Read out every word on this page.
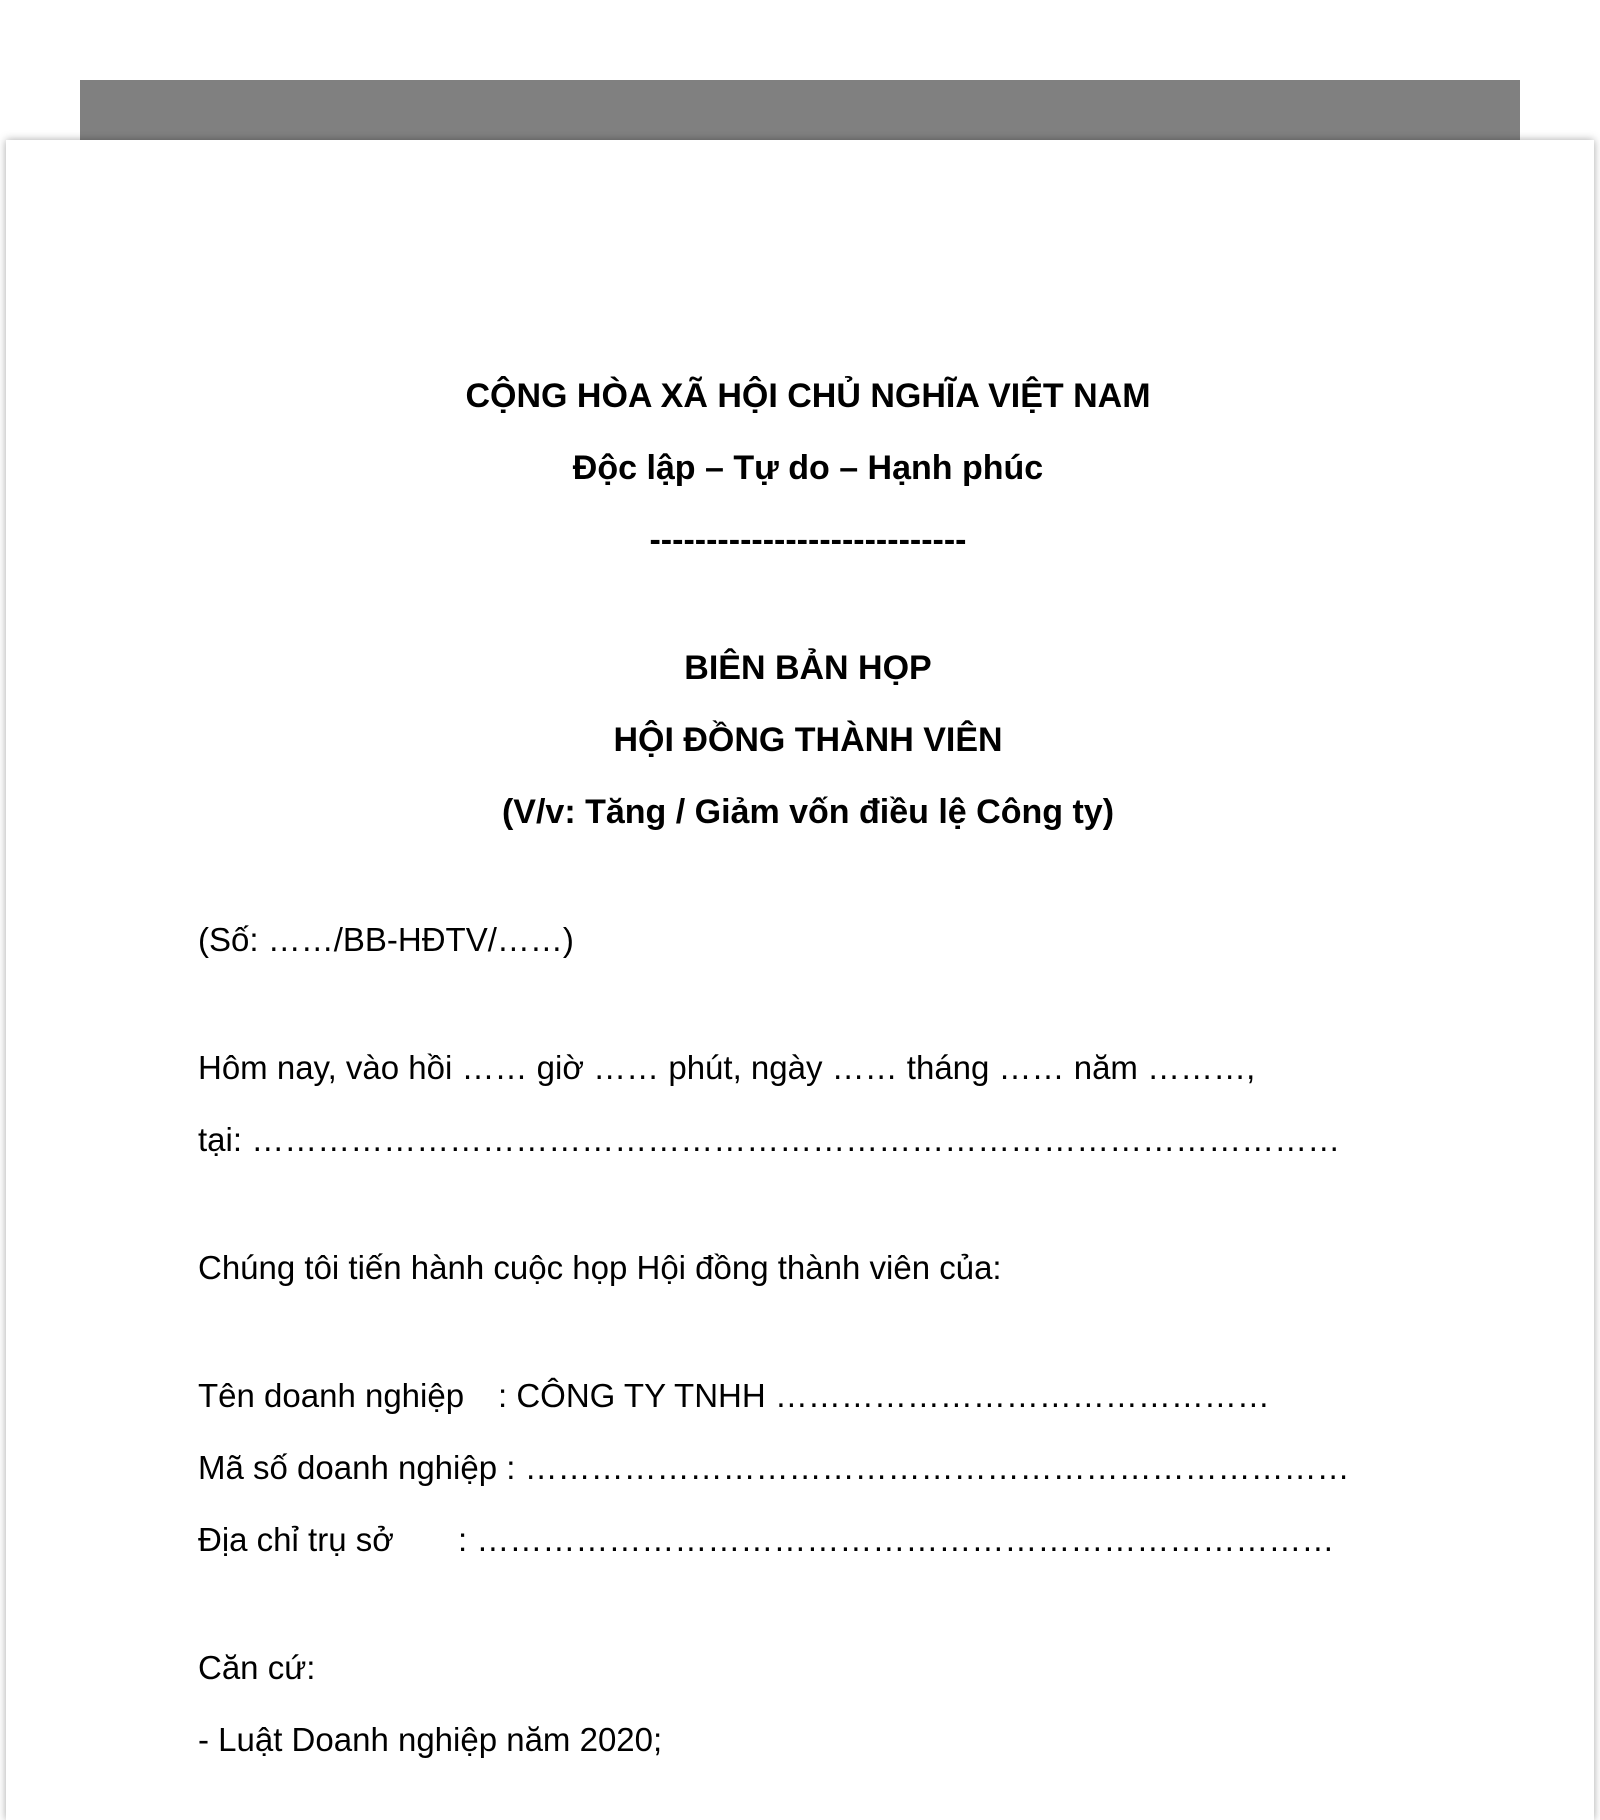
CỘNG HÒA XÃ HỘI CHỦ NGHĨA VIỆT NAM
Độc lập – Tự do – Hạnh phúc
----------------------------
BIÊN BẢN HỌP
HỘI ĐỒNG THÀNH VIÊN
(V/v: Tăng / Giảm vốn điều lệ Công ty)
(Số: ……/BB-HĐTV/……)
Hôm nay, vào hồi …… giờ …… phút, ngày …… tháng …… năm ………,
tại: ………………………………………………………………………………………
Chúng tôi tiến hành cuộc họp Hội đồng thành viên của:
Tên doanh nghiệp : CÔNG TY TNHH ………………………………………
Mã số doanh nghiệp : …………………………………………………………………
Địa chỉ trụ sở : ……………………………………………………………………
Căn cứ:
- Luật Doanh nghiệp năm 2020;
